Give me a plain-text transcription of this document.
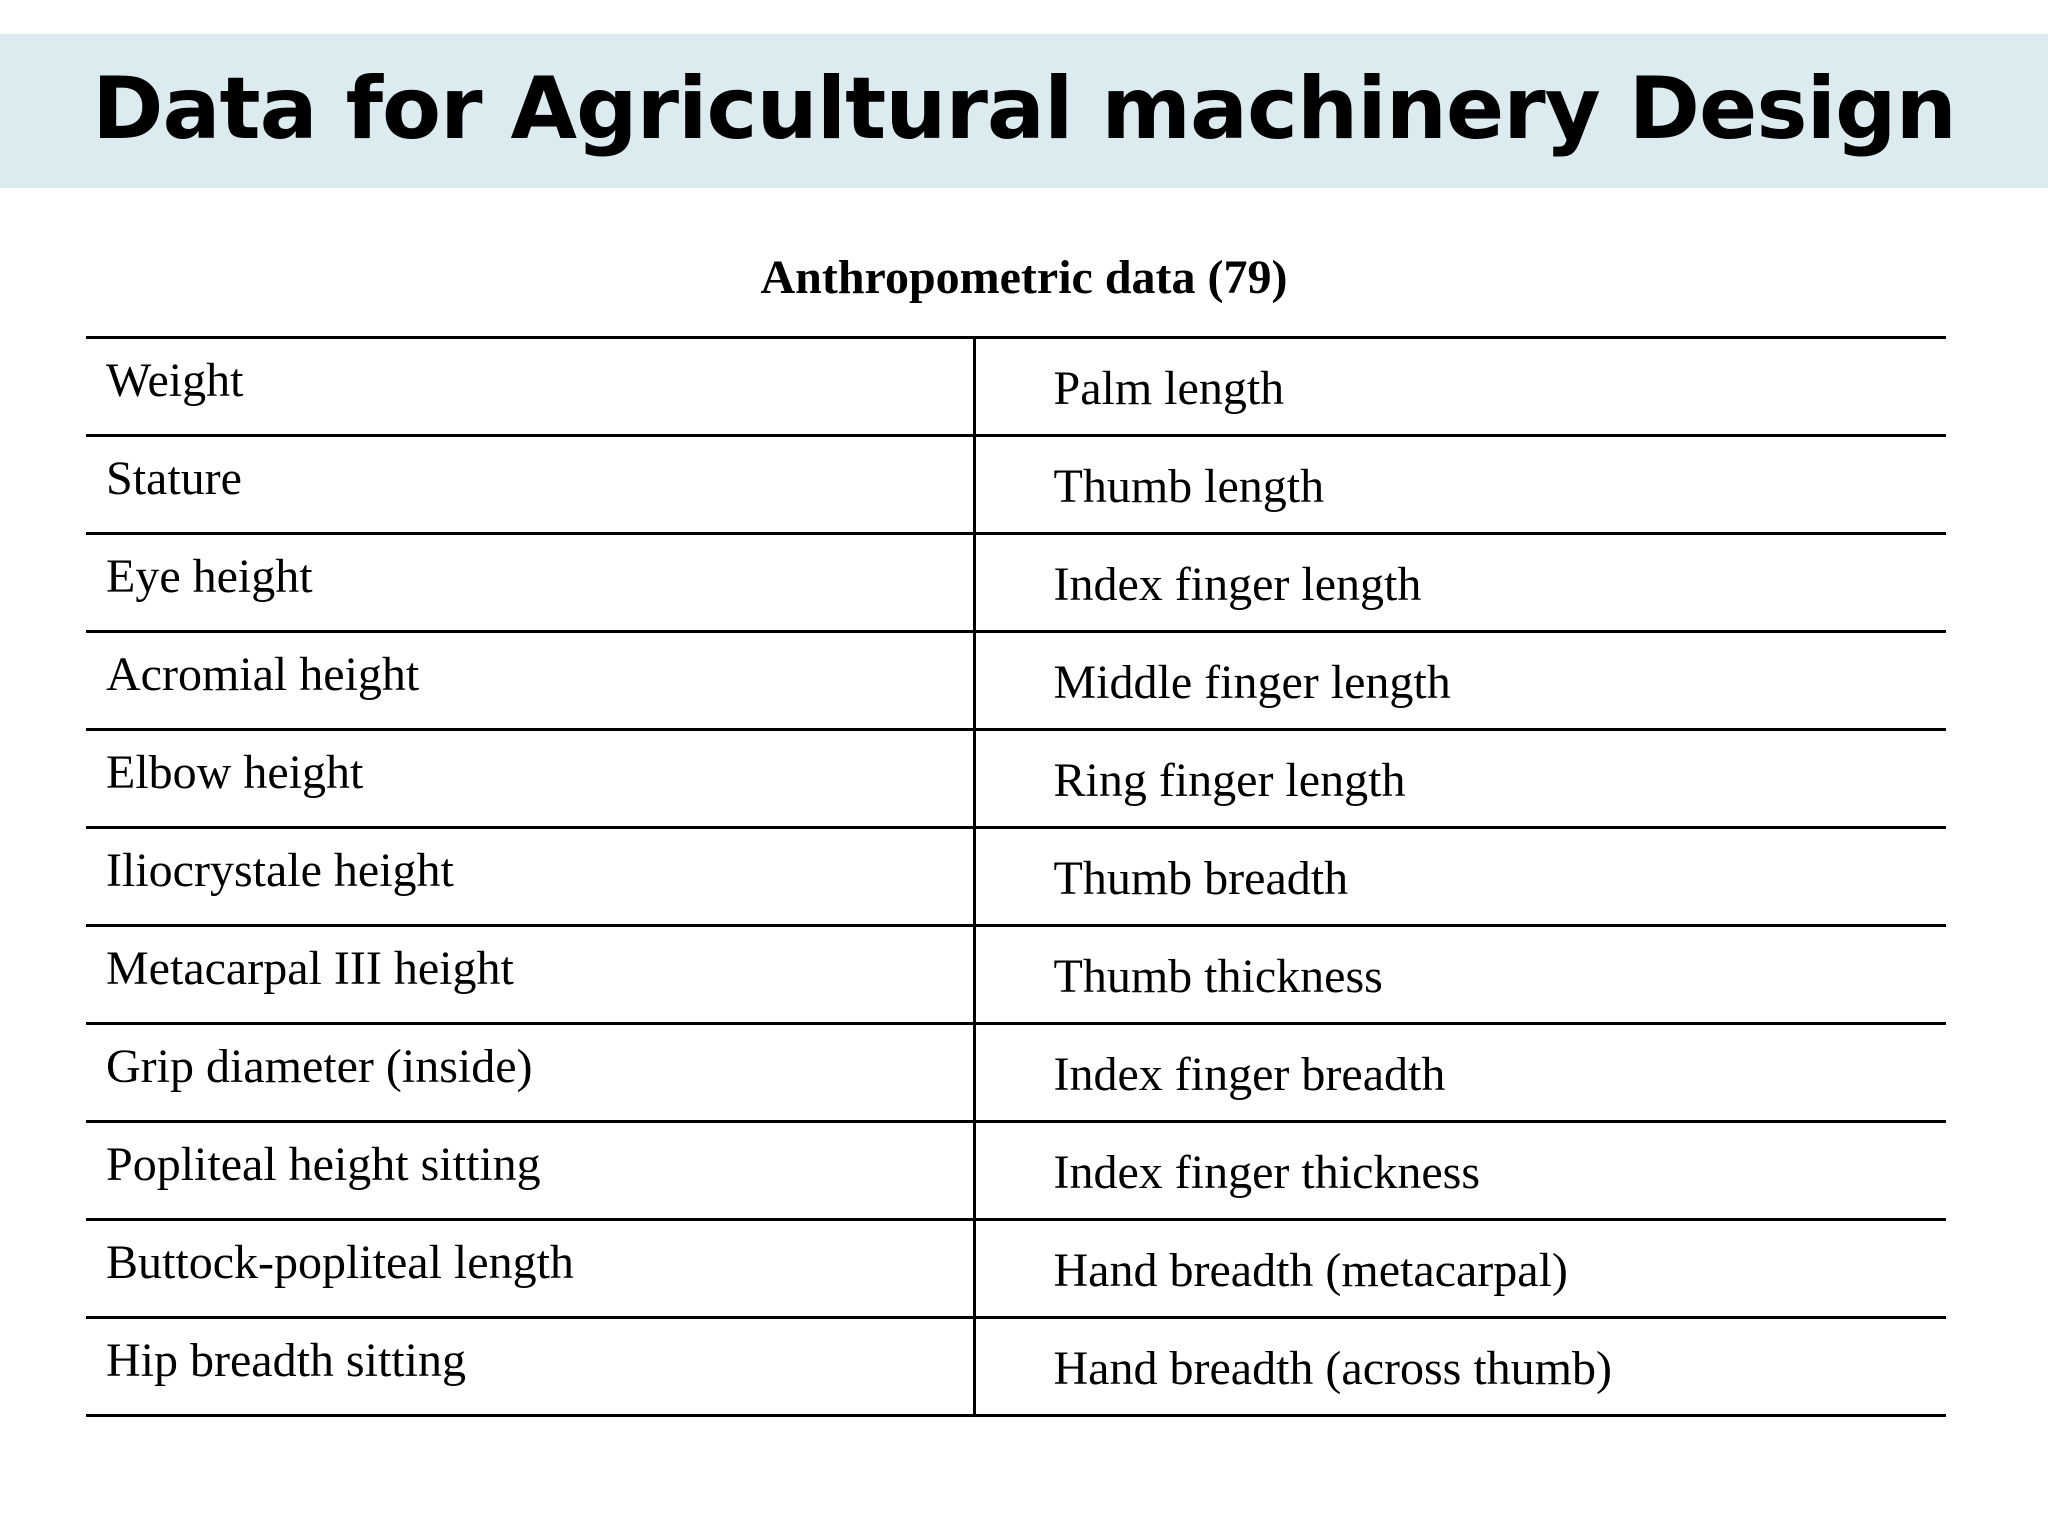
Data for Agricultural machinery Design
Anthropometric data (79)
Weight	Palm length
Stature	Thumb length
Eye height	Index finger length
Acromial height	Middle finger length
Elbow height	Ring finger length
Iliocrystale height	Thumb breadth
Metacarpal III height	Thumb thickness
Grip diameter (inside)	Index finger breadth
Popliteal height sitting	Index finger thickness
Buttock-popliteal length	Hand breadth (metacarpal)
Hip breadth sitting	Hand breadth (across thumb)
